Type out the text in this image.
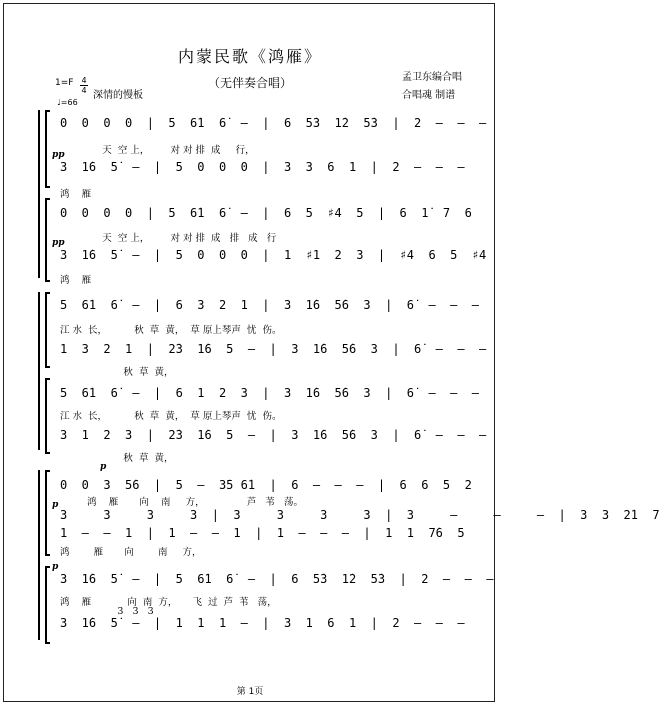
内蒙民歌《鸿雁》
（无伴奏合唱）	孟卫东编合唱
合唱魂 制谱
1=F 4
4 深情的慢板
♩=66
0  0  0  0  |  5  6̇1  6̇  –  |  6  5̇3  1̇2  5̇3  |  2  –  –  –
天  空 上，       对 对 排  成     行，
pp
3  1̇6  5̇  –  |  5  0  0  0  |  3  3  6  1  |  2  –  –  –
鸿    雁
0  0  0  0  |  5  6̇1  6̇  –  |  6  5  ♯4  5  |  6  1̇  7  6
天  空 上，       对 对 排  成   排   成   行
pp
3  1̇6  5̇  –  |  5  0  0  0  |  1  ♯1  2  3  |  ♯4  6  5  ♯4
鸿    雁
5  6̇1  6̇  –  |  6  3  2  1  |  3  1̇6  5̇6  3  |  6̇  –  –  –
江 水  长，         秋  草  黄，  草 原上琴声  忧  伤。
1  3  2  1  |  2̇3  1̇6  5  –  |  3  1̇6  5̇6  3  |  6̇  –  –  –
秋  草  黄，
5  6̇1  6̇  –  |  6  1  2  3  |  3  1̇6  5̇6  3  |  6̇  –  –  –
江 水  长，         秋  草  黄，  草 原上琴声  忧  伤。
3  1  2  3  |  2̇3  1̇6  5  –  |  3  1̇6  5̇6  3  |  6̇  –  –  –
秋  草  黄，
p
0  0  3  5̇6  |  5  –  3̇5 6̇1  |  6  –  –  –  |  6  6  5  2
鸿    雁       向    南     方，              芦   苇   荡。
p
3     3     3     3  |  3     3     3     3  |  3     –     –     –  |  3  3  2̇1  7
1  –  –  1  |  1  –  –  1  |  1  –  –  –  |  1  1  7̇6  5
鸿        雁       向        南     方，
p
3  1̇6  5̇  –  |  5  6̇1  6̇  –  |  6  5̇3  1̇2  5̇3  |  2  –  –  –
鸿    雁            向  南  方，     飞  过  芦  苇   荡，
3  1̇6  5̇  –  |  1  1  1  –  |  3  1  6  1  |  2  –  –  –
3   3   3
第 1页
